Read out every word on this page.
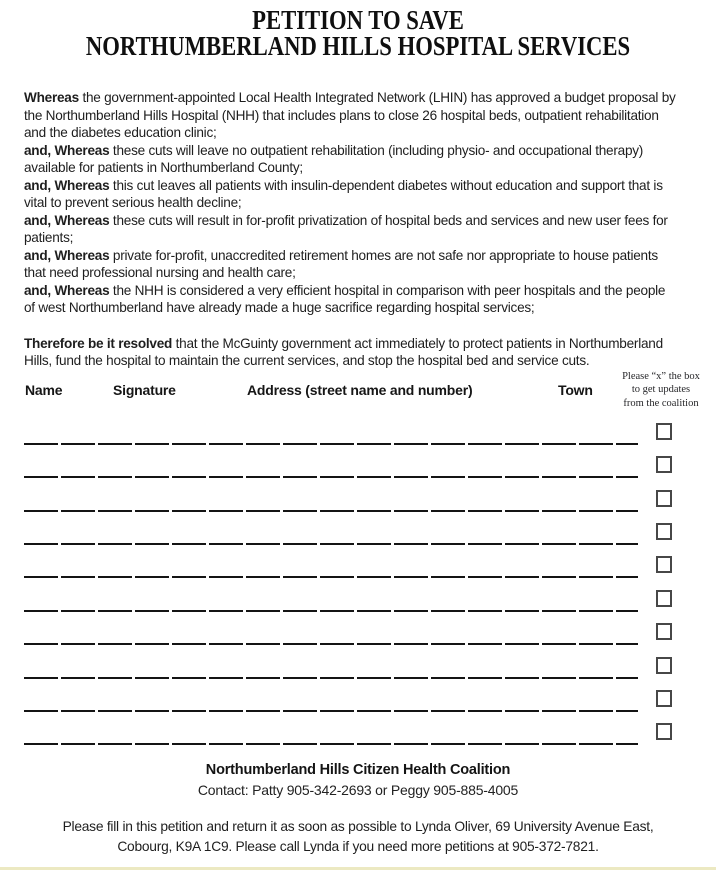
PETITION TO SAVE
NORTHUMBERLAND HILLS HOSPITAL SERVICES

Whereas the government-appointed Local Health Integrated Network (LHIN) has approved a budget proposal by the Northumberland Hills Hospital (NHH) that includes plans to close 26 hospital beds, outpatient rehabilitation and the diabetes education clinic;

and, Whereas these cuts will leave no outpatient rehabilitation (including physio- and occupational therapy) available for patients in Northumberland County;

and, Whereas this cut leaves all patients with insulin-dependent diabetes without education and support that is vital to prevent serious health decline;

and, Whereas these cuts will result in for-profit privatization of hospital beds and services and new user fees for patients;

and, Whereas private for-profit, unaccredited retirement homes are not safe nor appropriate to house patients that need professional nursing and health care;

and, Whereas the NHH is considered a very efficient hospital in comparison with peer hospitals and the people of west Northumberland have already made a huge sacrifice regarding hospital services;

Therefore be it resolved that the McGuinty government act immediately to protect patients in Northumberland Hills, fund the hospital to maintain the current services, and stop the hospital bed and service cuts.

Name	Signature	Address (street name and number)	Town
Please “x” the box
to get updates
from the coalition
Northumberland Hills Citizen Health Coalition
Contact: Patty 905-342-2693 or Peggy 905-885-4005
Please fill in this petition and return it as soon as possible to Lynda Oliver, 69 University Avenue East,
Cobourg, K9A 1C9. Please call Lynda if you need more petitions at 905-372-7821.
